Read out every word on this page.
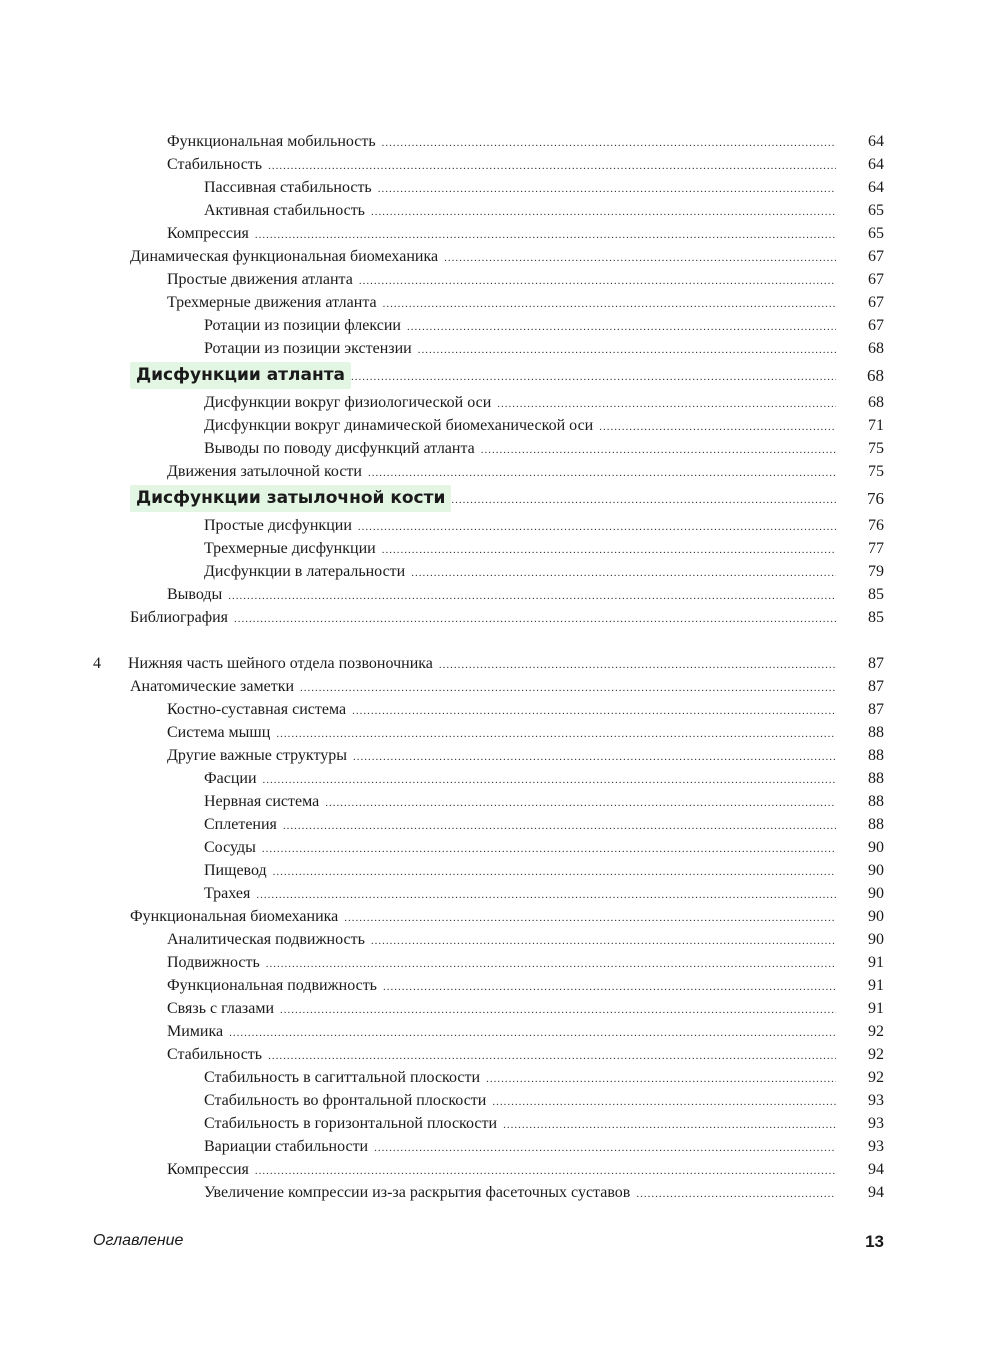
Функциональная мобильность .....	64
Стабильность .....	64
Пассивная стабильность .....	64
Активная стабильность .....	65
Компрессия .....	65
Динамическая функциональная биомеханика .....	67
Простые движения атланта .....	67
Трехмерные движения атланта .....	67
Ротации из позиции флексии .....	67
Ротации из позиции экстензии .....	68
Дисфункции атланта .....	68
Дисфункции вокруг физиологической оси .....	68
Дисфункции вокруг динамической биомеханической оси .....	71
Выводы по поводу дисфункций атланта .....	75
Движения затылочной кости .....	75
Дисфункции затылочной кости .....	76
Простые дисфункции .....	76
Трехмерные дисфункции .....	77
Дисфункции в латеральности .....	79
Выводы .....	85
Библиография .....	85
4 Нижняя часть шейного отдела позвоночника .....	87
Анатомические заметки .....	87
Костно-суставная система .....	87
Система мышц .....	88
Другие важные структуры .....	88
Фасции .....	88
Нервная система .....	88
Сплетения .....	88
Сосуды .....	90
Пищевод .....	90
Трахея .....	90
Функциональная биомеханика .....	90
Аналитическая подвижность .....	90
Подвижность .....	91
Функциональная подвижность .....	91
Связь с глазами .....	91
Мимика .....	92
Стабильность .....	92
Стабильность в сагиттальной плоскости .....	92
Стабильность во фронтальной плоскости .....	93
Стабильность в горизонтальной плоскости .....	93
Вариации стабильности .....	93
Компрессия .....	94
Увеличение компрессии из-за раскрытия фасеточных суставов .....	94
Оглавление	13
